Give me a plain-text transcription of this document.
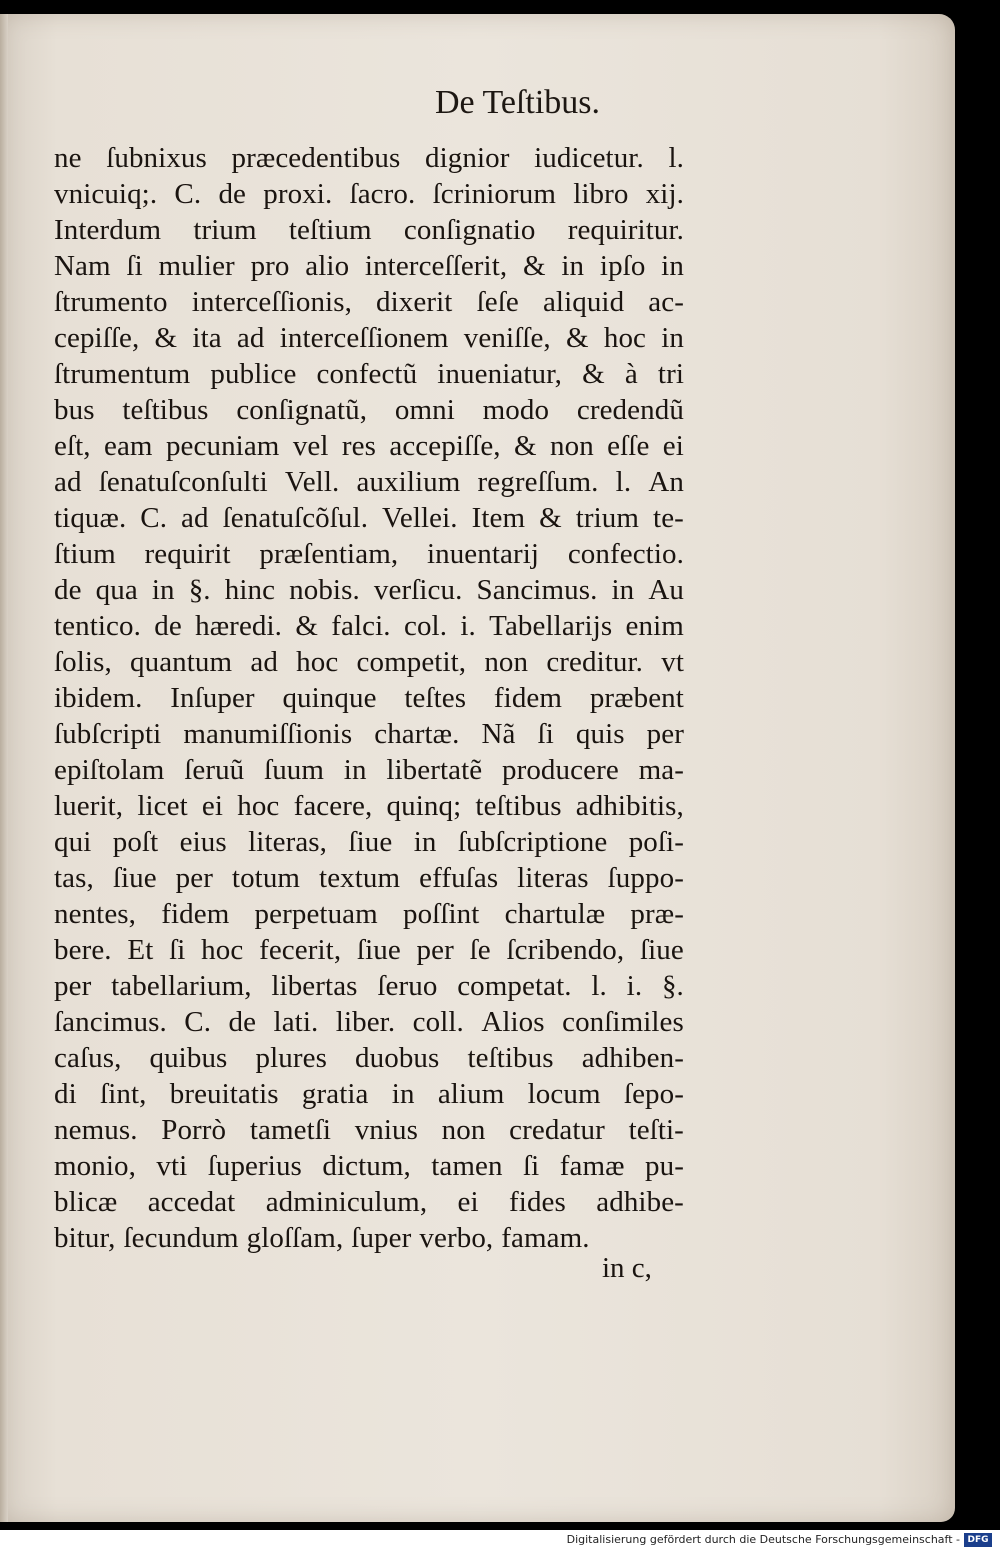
De Teſtibus.
ne ſubnixus præcedentibus dignior iudicetur. l.
vnicuiq;. C. de proxi. ſacro. ſcriniorum libro xij.
Interdum trium teſtium conſignatio requiritur.
Nam ſi mulier pro alio interceſſerit, & in ipſo in
ſtrumento interceſſionis, dixerit ſeſe aliquid ac-
cepiſſe, & ita ad interceſſionem veniſſe, & hoc in
ſtrumentum publice confectũ inueniatur, & à tri
bus teſtibus conſignatũ, omni modo credendũ
eſt, eam pecuniam vel res accepiſſe, & non eſſe ei
ad ſenatuſconſulti Vell. auxilium regreſſum. l. An
tiquæ. C. ad ſenatuſcõſul. Vellei. Item & trium te-
ſtium requirit præſentiam, inuentarij confectio.
de qua in §. hinc nobis. verſicu. Sancimus. in Au
tentico. de hæredi. & falci. col. i. Tabellarijs enim
ſolis, quantum ad hoc competit, non creditur. vt
ibidem. Inſuper quinque teſtes fidem præbent
ſubſcripti manumiſſionis chartæ. Nã ſi quis per
epiſtolam ſeruũ ſuum in libertatẽ producere ma-
luerit, licet ei hoc facere, quinq; teſtibus adhibitis,
qui poſt eius literas, ſiue in ſubſcriptione poſi-
tas, ſiue per totum textum effuſas literas ſuppo-
nentes, fidem perpetuam poſſint chartulæ præ-
bere. Et ſi hoc fecerit, ſiue per ſe ſcribendo, ſiue
per tabellarium, libertas ſeruo competat. l. i. §.
ſancimus. C. de lati. liber. coll. Alios conſimiles
caſus, quibus plures duobus teſtibus adhiben-
di ſint, breuitatis gratia in alium locum ſepo-
nemus. Porrò tametſi vnius non credatur teſti-
monio, vti ſuperius dictum, tamen ſi famæ pu-
blicæ accedat adminiculum, ei fides adhibe-
bitur, ſecundum gloſſam, ſuper verbo, famam.
in c,
Digitalisierung gefördert durch die Deutsche Forschungsgemeinschaft - DFG
